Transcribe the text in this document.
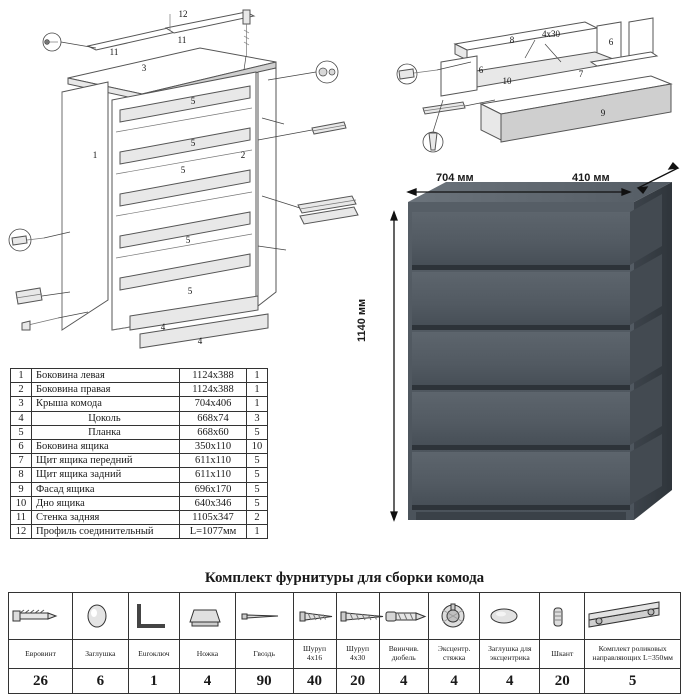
12
11
11
3
1	2
5
5
5
5
5
4
4
8
4x30
6
6
10
7
9
704 мм	410 мм
1140 мм
1	Боковина левая	1124х388	1
2	Боковина правая	1124х388	1
3	Крыша комода	704х406	1
4	Цоколь	668х74	3
5	Планка	668х60	5
6	Боковина ящика	350х110	10
7	Щит ящика передний	611х110	5
8	Щит ящика задний	611х110	5
9	Фасад ящика	696х170	5
10	Дно ящика	640х346	5
11	Стенка задняя	1105х347	2
12	Профиль соединительный	L=1077мм	1
Комплект фурнитуры для сборки комода

Евровинт	Заглушка	Euroключ	Ножка	Гвоздь	Шуруп 4х16	Шуруп 4х30	Ввинчив. дюбель	Эксцентр. стяжка	Заглушка для эксцентрика	Шкант	Комплект роликовых направляющих L=350мм
26	6	1	4	90	40	20	4	4	4	20	5
